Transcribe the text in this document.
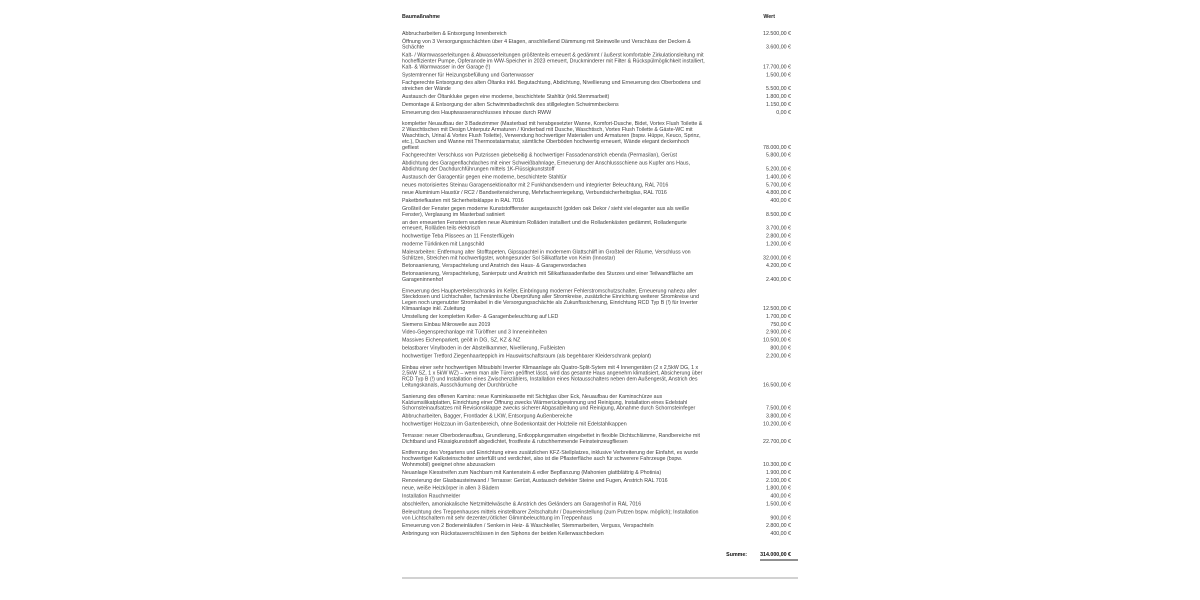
Baumaßnahme	Wert
Abbrucharbeiten & Entsorgung Innenbereich	12.500,00 €
Öffnung von 3 Versorgungsschächten über 4 Etagen, anschließend Dämmung mit Steinwolle und Verschluss der Decken & Schächte	3.600,00 €
Kalt- / Warmwasserleitungen & Abwasserleitungen größtenteils erneuert & gedämmt / äußerst komfortable Zirkulationsleitung mit hocheffizienter Pumpe, Opferanode im WW-Speicher in 2023 erneuert, Druckminderer mit Filter & Rückspülmöglichkeit installiert, Kalt- & Warmwasser in der Garage (!)	17.700,00 €
Systemtrenner für Heizungsbefüllung und Gartenwasser	1.500,00 €
Fachgerechte Entsorgung des alten Öltanks inkl. Begutachtung, Abdichtung, Nivellierung und Erneuerung des Oberbodens und streichen der Wände	5.500,00 €
Austausch der Öltankluke gegen eine moderne, beschichtete Stahltür (inkl.Stemmarbeit)	1.800,00 €
Demontage & Entsorgung der alten Schwimmbadtechnik des stillgelegten Schwimmbeckens	1.150,00 €
Erneuerung des Hauptwasseranschlusses inhouse durch RWW	0,00 €
kompletter Neuaufbau der 3 Badezimmer (Masterbad mit herabgesetzter Wanne, Komfort-Dusche, Bidet, Vortex Flush Toilette & 2 Waschtischen mit Design Unterputz Armaturen / Kinderbad mit Dusche, Waschtisch, Vortex Flush Toilette & Gäste-WC mit Waschtisch, Urinal & Vortex Flush Toilette), Verwendung hochwertiger Materialien und Armaturen (bspw. Hüppe, Keuco, Sprinz, etc.), Duschen und Wanne mit Thermostatarmatur, sämtliche Oberböden hochwertig erneuert, Wände elegant deckenhoch gefliest	78.000,00 €
Fachgerechter Verschluss von Putzrissen giebelseitig & hochwertiger Fassadenanstrich ebenda (Permasilan), Gerüst	5.800,00 €
Abdichtung des Garagenflachdaches mit einer Schweißbahnlage, Erneuerung der Anschlussschiene aus Kupfer ans Haus, Abdichtung der Dachdurchführungen mittels 1K-Flüssigkunststoff	5.200,00 €
Austausch der Garagentür gegen eine moderne, beschichtete Stahltür	1.400,00 €
neues motorisiertes Steinau Garagensektionaltor mit 2 Funkhandsendern und integrierter Beleuchtung, RAL 7016	5.700,00 €
neue Aluminium Haustür / RC2 / Bandseitensicherung, Mehrfachverriegelung, Verbundsicherheitsglas, RAL 7016	4.800,00 €
Paketbriefkasten mit Sicherheitsklappe in RAL 7016	400,00 €
Großteil der Fenster gegen moderne Kunststofffenster ausgetauscht (golden oak Dekor / sieht viel eleganter aus als weiße Fenster), Verglasung im Masterbad satiniert	8.500,00 €
an den erneuerten Fenstern wurden neue Aluminium Rolläden installiert und die Rolladenkästen gedämmt, Rolladengurte erneuert, Rolläden teils elektrisch	3.700,00 €
hochwertige Teba Plissees an 11 Fensterflügeln	2.800,00 €
moderne Türklinken mit Langschild	1.200,00 €
Malerarbeiten: Entfernung alter Stofftapeten, Gipsspachtel in modernem Glattschliff im Großteil der Räume, Verschluss von Schlitzen, Streichen mit hochwertigster, wohngesunder Sol Silikatfarbe von Keim (Innostar)	32.000,00 €
Betonsanierung, Verspachtelung und Anstrich des Haus- & Garagenvordaches	4.200,00 €
Betonsanierung, Verspachtelung, Sanierputz und Anstrich mit Silikatfassadenfarbe des Sturzes und einer Teilwandfläche am Garageninnenhof	2.400,00 €
Erneuerung des Hauptverteilerschranks im Keller, Einbringung moderner Fehlerstromschutzschalter, Erneuerung nahezu aller Steckdosen und Lichtschalter, fachmännische Überprüfung aller Stromkreise, zusätzliche Einrichtung weiterer Stromkreise und Legen noch ungenutzter Stromkabel in die Versorgungsschächte als Zukunftssicherung, Einrichtung RCD Typ B (!) für Inverter Klimaanlage inkl. Zuleitung	12.500,00 €
Umstellung der kompletten Keller- & Garagenbeleuchtung auf LED	1.700,00 €
Siemens Einbau Mikrowelle aus 2019	750,00 €
Video-Gegensprechanlage mit Türöffner und 3 Inneneinheiten	2.900,00 €
Massives Eichenparkett, geölt in DG, SZ, KZ & NZ	10.500,00 €
belastbarer Vinylboden in der Abstellkammer, Nivellierung, Fußleisten	800,00 €
hochwertiger Tretford Ziegenhaarteppich im Hauswirtschaftsraum (als begehbarer Kleiderschrank geplant)	2.200,00 €
Einbau einer sehr hochwertigen Mitsubishi Inverter Klimaanlage als Quatro-Split-Sytem mit 4 Innengeräten (2 x 2,5kW DG, 1 x 2,5kW SZ, 1 x 5kW WZ) – wenn man alle Türen geöffnet lässt, wird das gesamte Haus angenehm klimatisiert, Absicherung über RCD Typ B (!) und Installation eines Zwischenzählers, Installation eines Notausschalters neben dem Außengerät, Anstrich des Leitungskanals, Ausschäumung der Durchbrüche	16.500,00 €
Sanierung des offenen Kamins: neue Kaminkassette mit Sichtglas über Eck, Neuaufbau der Kaminschürze aus Kalziumsilikatplatten, Einrichtung einer Öffnung zwecks Wärmerückgewinnung und Reinigung, Installation eines Edelstahl Schornsteinaufsatzes mit Revisionsklappe zwecks sicherer Abgasableitung und Reinigung, Abnahme durch Schornsteinfeger	7.500,00 €
Abbrucharbeiten, Bagger, Frontlader & LKW, Entsorgung Außenbereiche	3.800,00 €
hochwertiger Holzzaun im Gartenbereich, ohne Bodenkontakt der Holzteile mit Edelstahlkappen	10.200,00 €
Terrasse: neuer Oberbodenaufbau, Grundierung, Entkopplungsmatten eingebettet in flexible Dichtschlämme, Randbereiche mit Dichtband und Flüssigkunststoff abgedichtet, frostfeste & rutschhemmende Feinsteinzeugfliesen	22.700,00 €
Entfernung des Vorgartens und Einrichtung eines zusätzlichen KFZ-Stellplatzes, inklusive Verbreiterung der Einfahrt, es wurde hochwertiger Kalksteinschotter unterfüllt und verdichtet, also ist die Pflasterfläche auch für schwerere Fahrzeuge (bspw. Wohnmobil) geeignet ohne abzusacken	10.300,00 €
Neuanlage Kiesstreifen zum Nachbarn mit Kantenstein & edler Bepflanzung (Mahonien glattblättrig & Photinia)	1.900,00 €
Renovierung der Glasbausteinwand / Terrasse: Gerüst, Austausch defekter Steine und Fugen, Anstrich RAL 7016	2.100,00 €
neue, weiße Heizkörper in allen 3 Bädern	1.800,00 €
Installation Rauchmelder	400,00 €
abschleifen, amoniakalische Netzmittelwäsche & Anstrich des Geländers am Garagenhof in RAL 7016	1.500,00 €
Beleuchtung des Treppenhauses mittels einstellbarer Zeitschaltuhr / Dauereinstellung (zum Putzen bspw. möglich); Installation von Lichtschaltern mit sehr dezenter,rötlicher Glimmbeleuchtung im Treppenhaus	900,00 €
Erneuerung von 2 Bodeneinläufen / Senken in Heiz- & Waschkeller, Stemmarbeiten, Verguss, Verspachteln	2.800,00 €
Anbringung von Rückstauverschlüssen in den Siphons der beiden Kellerwaschbecken	400,00 €
Summe: 314.000,00 €
